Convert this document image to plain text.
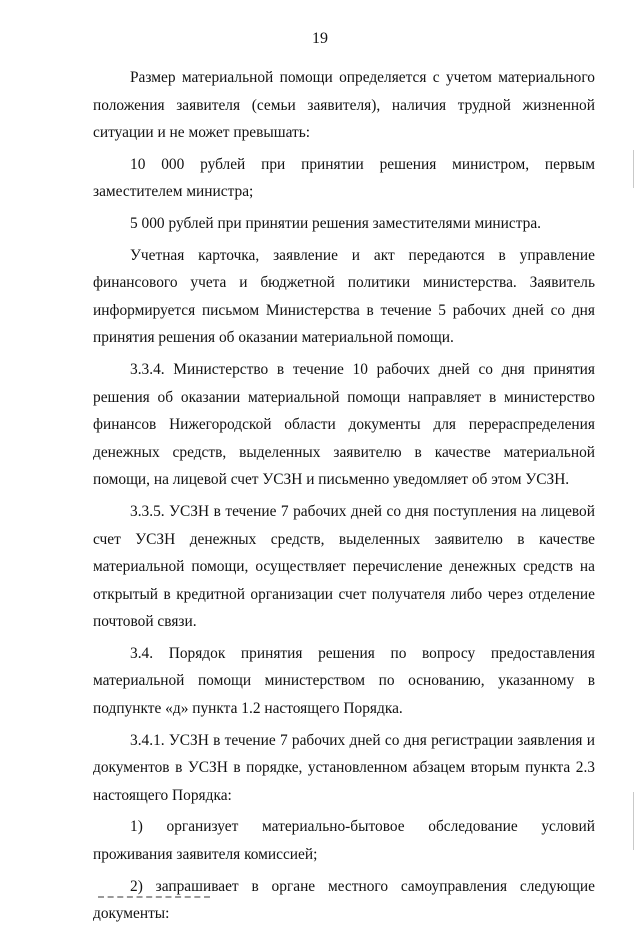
19

Размер материальной помощи определяется с учетом материального положения заявителя (семьи заявителя), наличия трудной жизненной ситуации и не может превышать:

10 000 рублей при принятии решения министром, первым заместителем министра;

5 000 рублей при принятии решения заместителями министра.

Учетная карточка, заявление и акт передаются в управление финансового учета и бюджетной политики министерства. Заявитель информируется письмом Министерства в течение 5 рабочих дней со дня принятия решения об оказании материальной помощи.

3.3.4. Министерство в течение 10 рабочих дней со дня принятия решения об оказании материальной помощи направляет в министерство финансов Нижегородской области документы для перераспределения денежных средств, выделенных заявителю в качестве материальной помощи, на лицевой счет УСЗН и письменно уведомляет об этом УСЗН.

3.3.5. УСЗН в течение 7 рабочих дней со дня поступления на лицевой счет УСЗН денежных средств, выделенных заявителю в качестве материальной помощи, осуществляет перечисление денежных средств на открытый в кредитной организации счет получателя либо через отделение почтовой связи.

3.4. Порядок принятия решения по вопросу предоставления материальной помощи министерством по основанию, указанному в подпункте «д» пункта 1.2 настоящего Порядка.

3.4.1. УСЗН в течение 7 рабочих дней со дня регистрации заявления и документов в УСЗН в порядке, установленном абзацем вторым пункта 2.3 настоящего Порядка:

1) организует материально-бытовое обследование условий проживания заявителя комиссией;

2) запрашивает в органе местного самоуправления следующие документы:
